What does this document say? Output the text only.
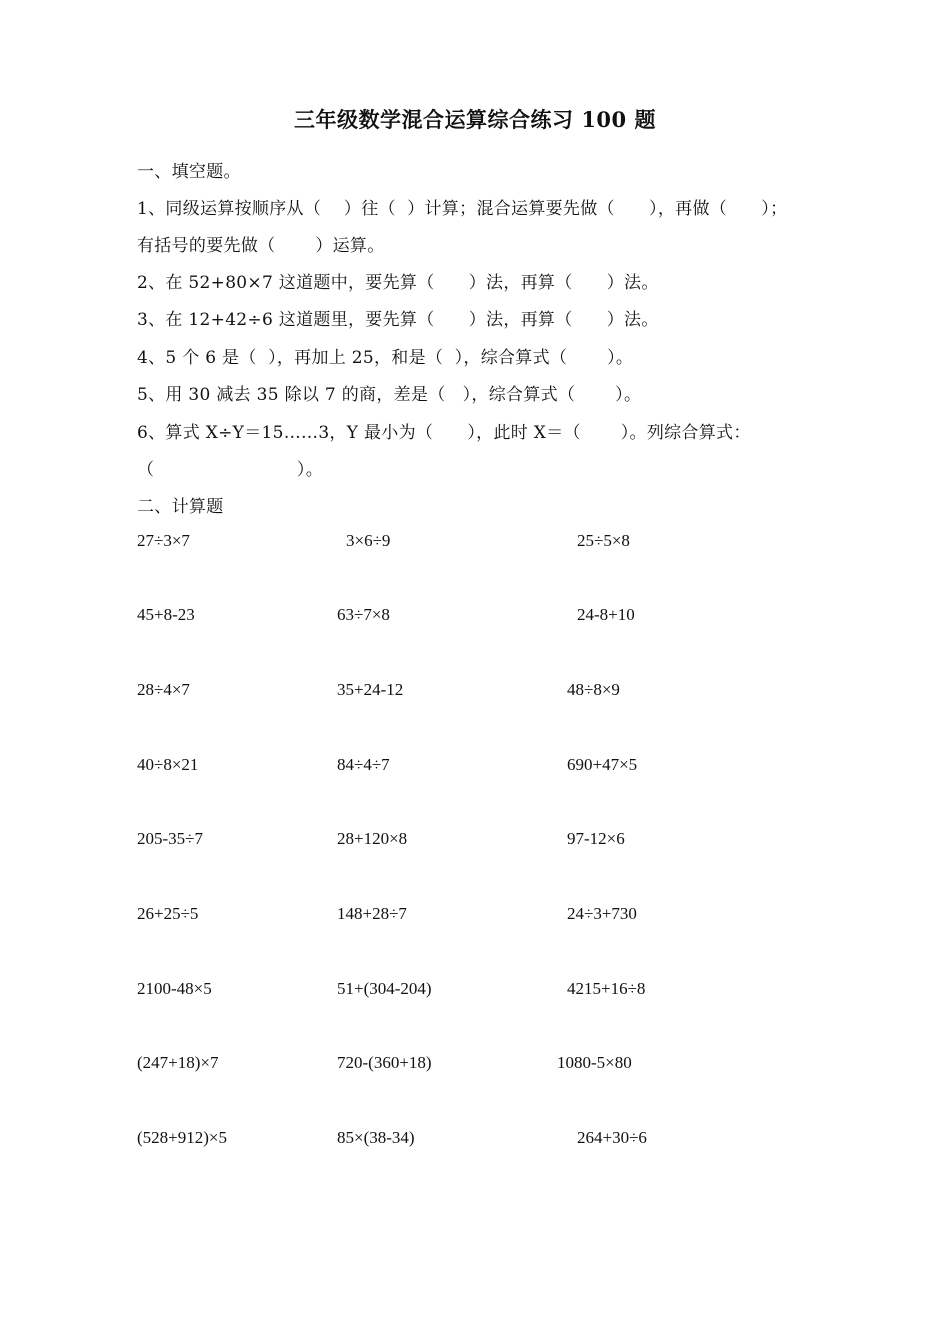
三年级数学混合运算综合练习 100 题
一、填空题。
1、同级运算按顺序从（    ）往（  ）计算；混合运算要先做（      ），再做（      ）；
有括号的要先做（       ）运算。
2、在 52+80×7 这道题中，要先算（      ）法，再算（      ）法。
3、在 12+42÷6 这道题里，要先算（      ）法，再算（      ）法。
4、5 个 6 是（  ），再加上 25，和是（  ），综合算式（       ）。
5、用 30 减去 35 除以 7 的商，差是（   ），综合算式（       ）。
6、算式 X÷Y＝15……3，Y 最小为（      ），此时 X＝（       ）。列综合算式：
（                         ）。
二、计算题
27÷3×7	3×6÷9	25÷5×8
45+8-23	63÷7×8	24-8+10
28÷4×7	35+24-12	48÷8×9
40÷8×21	84÷4÷7	690+47×5
205-35÷7	28+120×8	97-12×6
26+25÷5	148+28÷7	24÷3+730
2100-48×5	51+(304-204)	4215+16÷8
(247+18)×7	720-(360+18)	1080-5×80
(528+912)×5	85×(38-34)	264+30÷6
